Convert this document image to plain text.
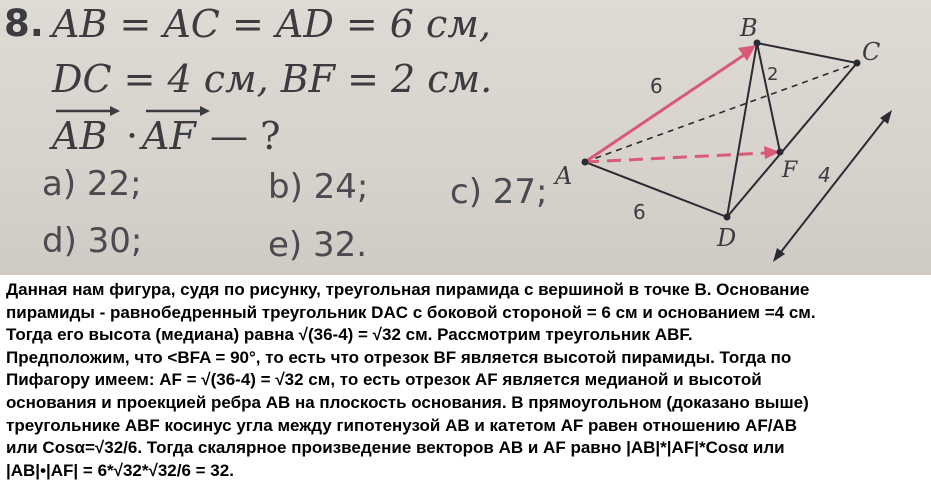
8. AB = AC = AD = 6 см,
DC = 4 см, BF = 2 см.
AB · AF — ?
a) 22;	b) 24; c) 27;
d) 30;	e) 32.
A
B
C
D
F
6
6
2
4
Данная нам фигура, судя по рисунку, треугольная пирамида с вершиной в точке В. Основание
пирамиды - равнобедренный треугольник DAC с боковой стороной = 6 см и основанием =4 см.
Тогда его высота (медиана) равна √(36-4) = √32 см. Рассмотрим треугольник ABF.
Предположим, что <BFA = 90°, то есть что отрезок BF является высотой пирамиды. Тогда по
Пифагору имеем: AF = √(36-4) = √32 см, то есть отрезок AF является медианой и высотой
основания и проекцией ребра АВ на плоскость основания. В прямоугольном (доказано выше)
треугольнике ABF косинус угла между гипотенузой АВ и катетом AF равен отношению AF/AB
или Cosα=√32/6. Тогда скалярное произведение векторов АВ и AF равно |AB|*|AF|*Cosα или
|AB|•|AF| = 6*√32*√32/6 = 32.
